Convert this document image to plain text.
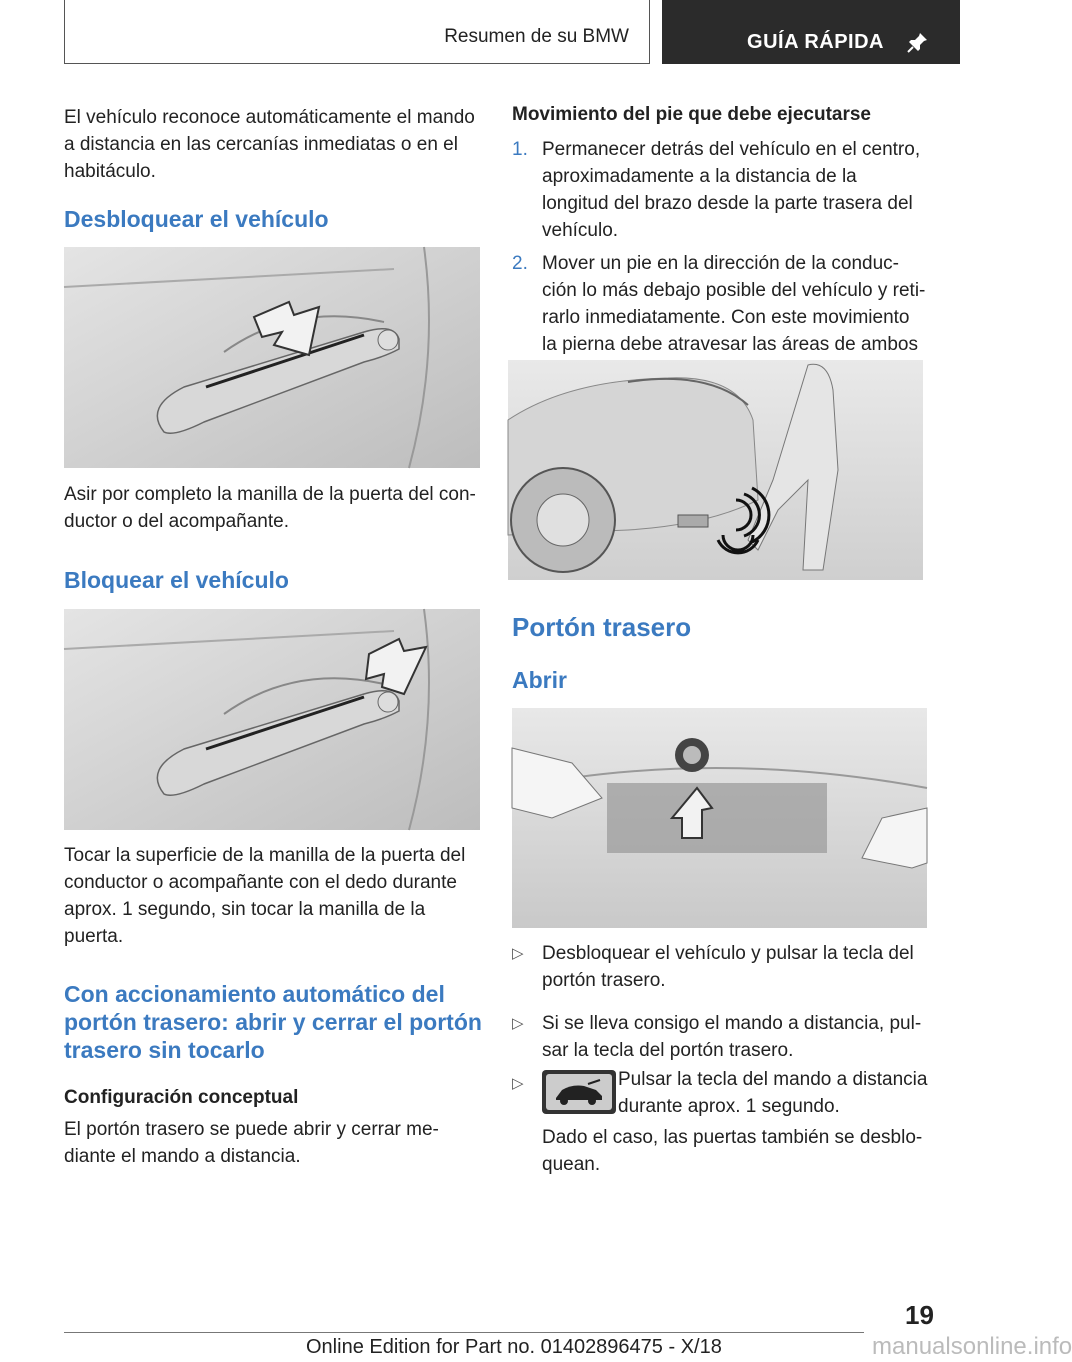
Resumen de su BMW	GUÍA RÁPIDA

El vehículo reconoce automáticamente el mando a distancia en las cercanías inmediatas o en el habitáculo.

Desbloquear el vehículo

Asir por completo la manilla de la puerta del con-ductor o del acompañante.

Bloquear el vehículo

Tocar la superficie de la manilla de la puerta del conductor o acompañante con el dedo durante aprox. 1 segundo, sin tocar la manilla de la puerta.

Con accionamiento automático del portón trasero: abrir y cerrar el portón trasero sin tocarlo
Configuración conceptual

El portón trasero se puede abrir y cerrar me-diante el mando a distancia.

Movimiento del pie que debe ejecutarse
1. Permanecer detrás del vehículo en el centro, aproximadamente a la distancia de la longitud del brazo desde la parte trasera del vehículo.
2. Mover un pie en la dirección de la conduc-ción lo más debajo posible del vehículo y reti-rarlo inmediatamente. Con este movimiento la pierna debe atravesar las áreas de ambos
Portón trasero
Abrir
▷ Desbloquear el vehículo y pulsar la tecla del portón trasero.
▷ Si se lleva consigo el mando a distancia, pul-sar la tecla del portón trasero.
▷	Pulsar la tecla del mando a distancia durante aprox. 1 segundo.

Dado el caso, las puertas también se desblo-quean.

19
Online Edition for Part no. 01402896475 - X/18	manualsonline.info
